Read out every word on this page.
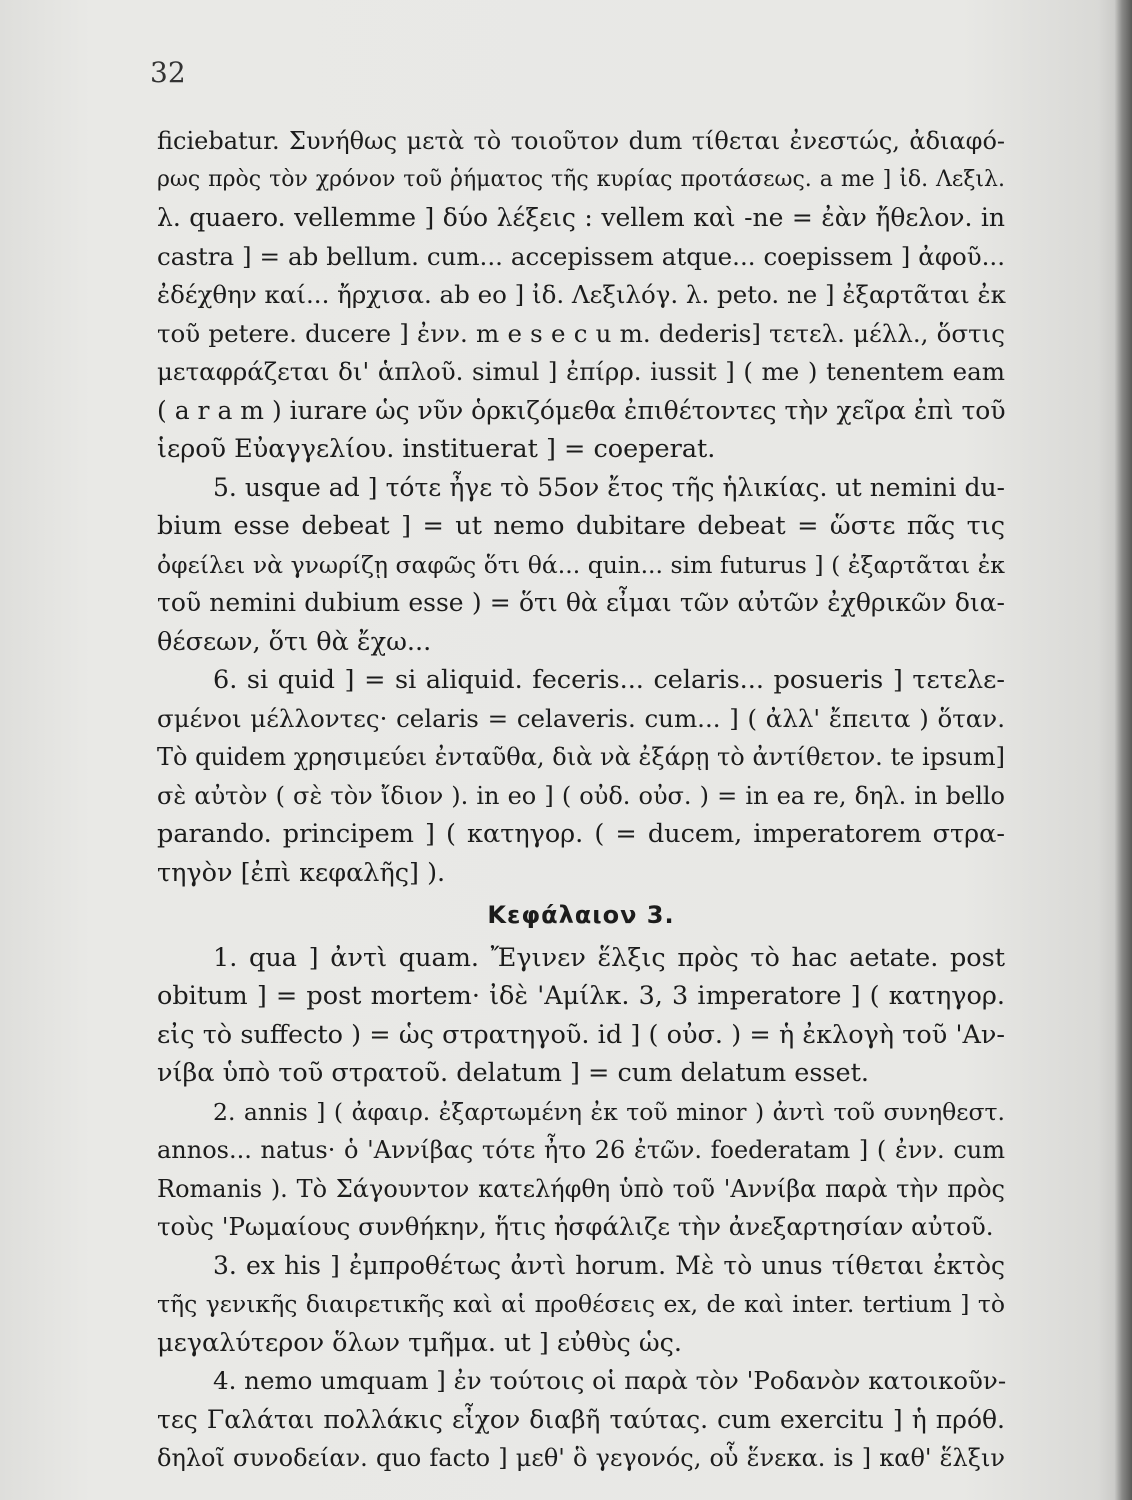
32
ficiebatur. Συνήθως μετὰ τὸ τοιοῦτον dum τίθεται ἐνεστώς, ἀδιαφό-
ρως πρὸς τὸν χρόνον τοῦ ῥήματος τῆς κυρίας προτάσεως. a me ] ἰδ. Λεξιλ.
λ. quaero. vellemme ] δύο λέξεις : vellem καὶ -ne = ἐὰν ἤθελον. in
castra ] = ab bellum. cum... accepissem atque... coepissem ] ἀφοῦ...
ἐδέχθην καί... ἤρχισα. ab eo ] ἰδ. Λεξιλόγ. λ. peto. ne ] ἐξαρτᾶται ἐκ
τοῦ petere. ducere ] ἐνν. m e s e c u m. dederis] τετελ. μέλλ., ὅστις
μεταφράζεται δι' ἁπλοῦ. simul ] ἐπίρρ. iussit ] ( me ) tenentem eam
( a r a m ) iurare ὡς νῦν ὁρκιζόμεθα ἐπιθέτοντες τὴν χεῖρα ἐπὶ τοῦ
ἱεροῦ Εὐαγγελίου. instituerat ] = coeperat.
5. usque ad ] τότε ἦγε τὸ 55ον ἔτος τῆς ἡλικίας. ut nemini du-
bium esse debeat ] = ut nemo dubitare debeat = ὥστε πᾶς τις
ὀφείλει νὰ γνωρίζῃ σαφῶς ὅτι θά... quin... sim futurus ] ( ἐξαρτᾶται ἐκ
τοῦ nemini dubium esse ) = ὅτι θὰ εἶμαι τῶν αὐτῶν ἐχθρικῶν δια-
θέσεων, ὅτι θὰ ἔχω...
6. si quid ] = si aliquid. feceris... celaris... posueris ] τετελε-
σμένοι μέλλοντες· celaris = celaveris. cum... ] ( ἀλλ' ἔπειτα ) ὅταν.
Τὸ quidem χρησιμεύει ἐνταῦθα, διὰ νὰ ἐξάρῃ τὸ ἀντίθετον. te ipsum]
σὲ αὐτὸν ( σὲ τὸν ἴδιον ). in eo ] ( οὐδ. οὐσ. ) = in ea re, δηλ. in bello
parando. principem ] ( κατηγορ. ( = ducem, imperatorem στρα-
τηγὸν [ἐπὶ κεφαλῆς] ).
Κεφάλαιον 3.
1. qua ] ἀντὶ quam. Ἔγινεν ἕλξις πρὸς τὸ hac aetate. post
obitum ] = post mortem· ἰδὲ 'Αμίλκ. 3, 3 imperatore ] ( κατηγορ.
εἰς τὸ suffecto ) = ὡς στρατηγοῦ. id ] ( οὐσ. ) = ἡ ἐκλογὴ τοῦ 'Αν-
νίβα ὑπὸ τοῦ στρατοῦ. delatum ] = cum delatum esset.
2. annis ] ( ἀφαιρ. ἐξαρτωμένη ἐκ τοῦ minor ) ἀντὶ τοῦ συνηθεστ.
annos... natus· ὁ 'Αννίβας τότε ἦτο 26 ἐτῶν. foederatam ] ( ἐνν. cum
Romanis ). Τὸ Σάγουντον κατελήφθη ὑπὸ τοῦ 'Αννίβα παρὰ τὴν πρὸς
τοὺς 'Ρωμαίους συνθήκην, ἥτις ἠσφάλιζε τὴν ἀνεξαρτησίαν αὐτοῦ.
3. ex his ] ἐμπροθέτως ἀντὶ horum. Μὲ τὸ unus τίθεται ἐκτὸς
τῆς γενικῆς διαιρετικῆς καὶ αἱ προθέσεις ex, de καὶ inter. tertium ] τὸ
μεγαλύτερον ὅλων τμῆμα. ut ] εὐθὺς ὡς.
4. nemo umquam ] ἐν τούτοις οἱ παρὰ τὸν 'Ροδανὸν κατοικοῦν-
τες Γαλάται πολλάκις εἶχον διαβῆ ταύτας. cum exercitu ] ἡ πρόθ.
δηλοῖ συνοδείαν. quo facto ] μεθ' ὃ γεγονός, οὗ ἕνεκα. is ] καθ' ἕλξιν
